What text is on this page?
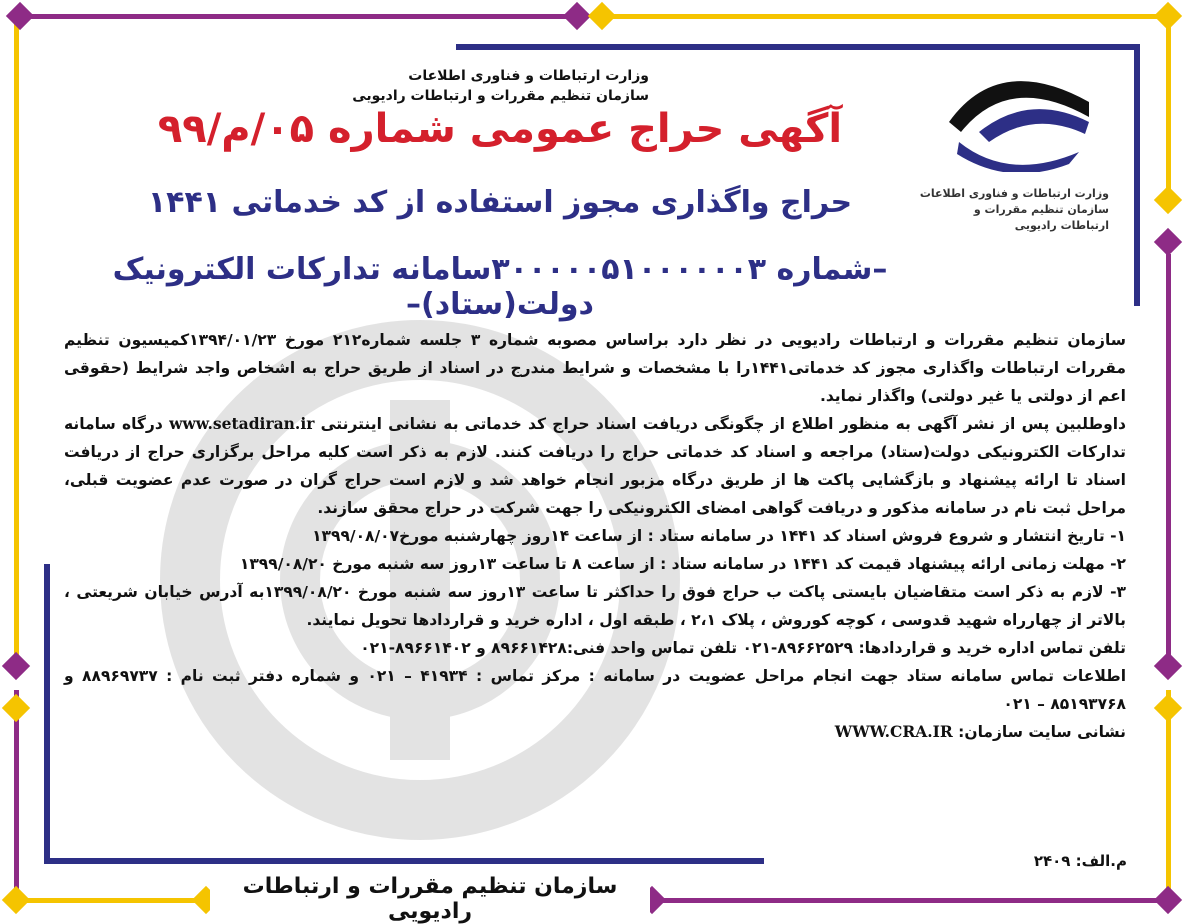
وزارت ارتباطات و فناوری اطلاعات
سازمان تنظیم مقررات و ارتباطات رادیویی
آگهی حراج عمومی شماره ۰۵/م/۹۹
حراج واگذاری مجوز استفاده از کد خدماتی ۱۴۴۱
–شماره ۳۰۰۰۰۰۵۱۰۰۰۰۰۰۳سامانه تدارکات الکترونیک دولت(ستاد)–
وزارت ارتباطات و فناوری اطلاعات
سازمان تنظیم مقررات و
ارتباطات رادیویی

سازمان تنظیم مقررات و ارتباطات رادیویی در نظر دارد براساس مصوبه شماره ۳ جلسه شماره۲۱۲ مورخ ۱۳۹۴/۰۱/۲۳کمیسیون تنظیم مقررات ارتباطات واگذاری مجوز کد خدماتی۱۴۴۱را با مشخصات و شرایط مندرج در اسناد از طریق حراج به اشخاص واجد شرایط (حقوقی اعم از دولتی یا غیر دولتی) واگذار نماید.

داوطلبین پس از نشر آگهی به منظور اطلاع از چگونگی دریافت اسناد حراج کد خدماتی به نشانی اینترنتی www.setadiran.ir درگاه سامانه تدارکات الکترونیکی دولت(ستاد) مراجعه و اسناد کد خدماتی حراج را دریافت کنند. لازم به ذکر است کلیه مراحل برگزاری حراج از دریافت اسناد تا ارائه پیشنهاد و بازگشایی پاکت ها از طریق درگاه مزبور انجام خواهد شد و لازم است حراج گران در صورت عدم عضویت قبلی، مراحل ثبت نام در سامانه مذکور و دریافت گواهی امضای الکترونیکی را جهت شرکت در حراج محقق سازند.

۱- تاریخ انتشار و شروع فروش اسناد کد ۱۴۴۱ در سامانه ستاد : از ساعت ۱۴روز چهارشنبه مورخ۱۳۹۹/۰۸/۰۷

۲- مهلت زمانی ارائه پیشنهاد قیمت کد ۱۴۴۱ در سامانه ستاد : از ساعت ۸ تا ساعت ۱۳روز سه شنبه مورخ ۱۳۹۹/۰۸/۲۰

۳- لازم به ذکر است متقاضیان بایستی پاکت ب حراج فوق را حداکثر تا ساعت ۱۳روز سه شنبه مورخ ۱۳۹۹/۰۸/۲۰به آدرس خیابان شریعتی ، بالاتر از چهارراه شهید قدوسی ، کوچه کوروش ، پلاک ۲،۱ ، طبقه اول ، اداره خرید و قراردادها تحویل نمایند.

تلفن تماس اداره خرید و قراردادها: ۸۹۶۶۲۵۲۹-۰۲۱ تلفن تماس واحد فنی:۸۹۶۶۱۴۲۸ و ۸۹۶۶۱۴۰۲-۰۲۱

اطلاعات تماس سامانه ستاد جهت انجام مراحل عضویت در سامانه : مرکز تماس : ۴۱۹۳۴ – ۰۲۱ و شماره دفتر ثبت نام : ۸۸۹۶۹۷۳۷ و ۸۵۱۹۳۷۶۸ – ۰۲۱

نشانی سایت سازمان: WWW.CRA.IR

م.الف: ۲۴۰۹
سازمان تنظیم مقررات و ارتباطات رادیویی
